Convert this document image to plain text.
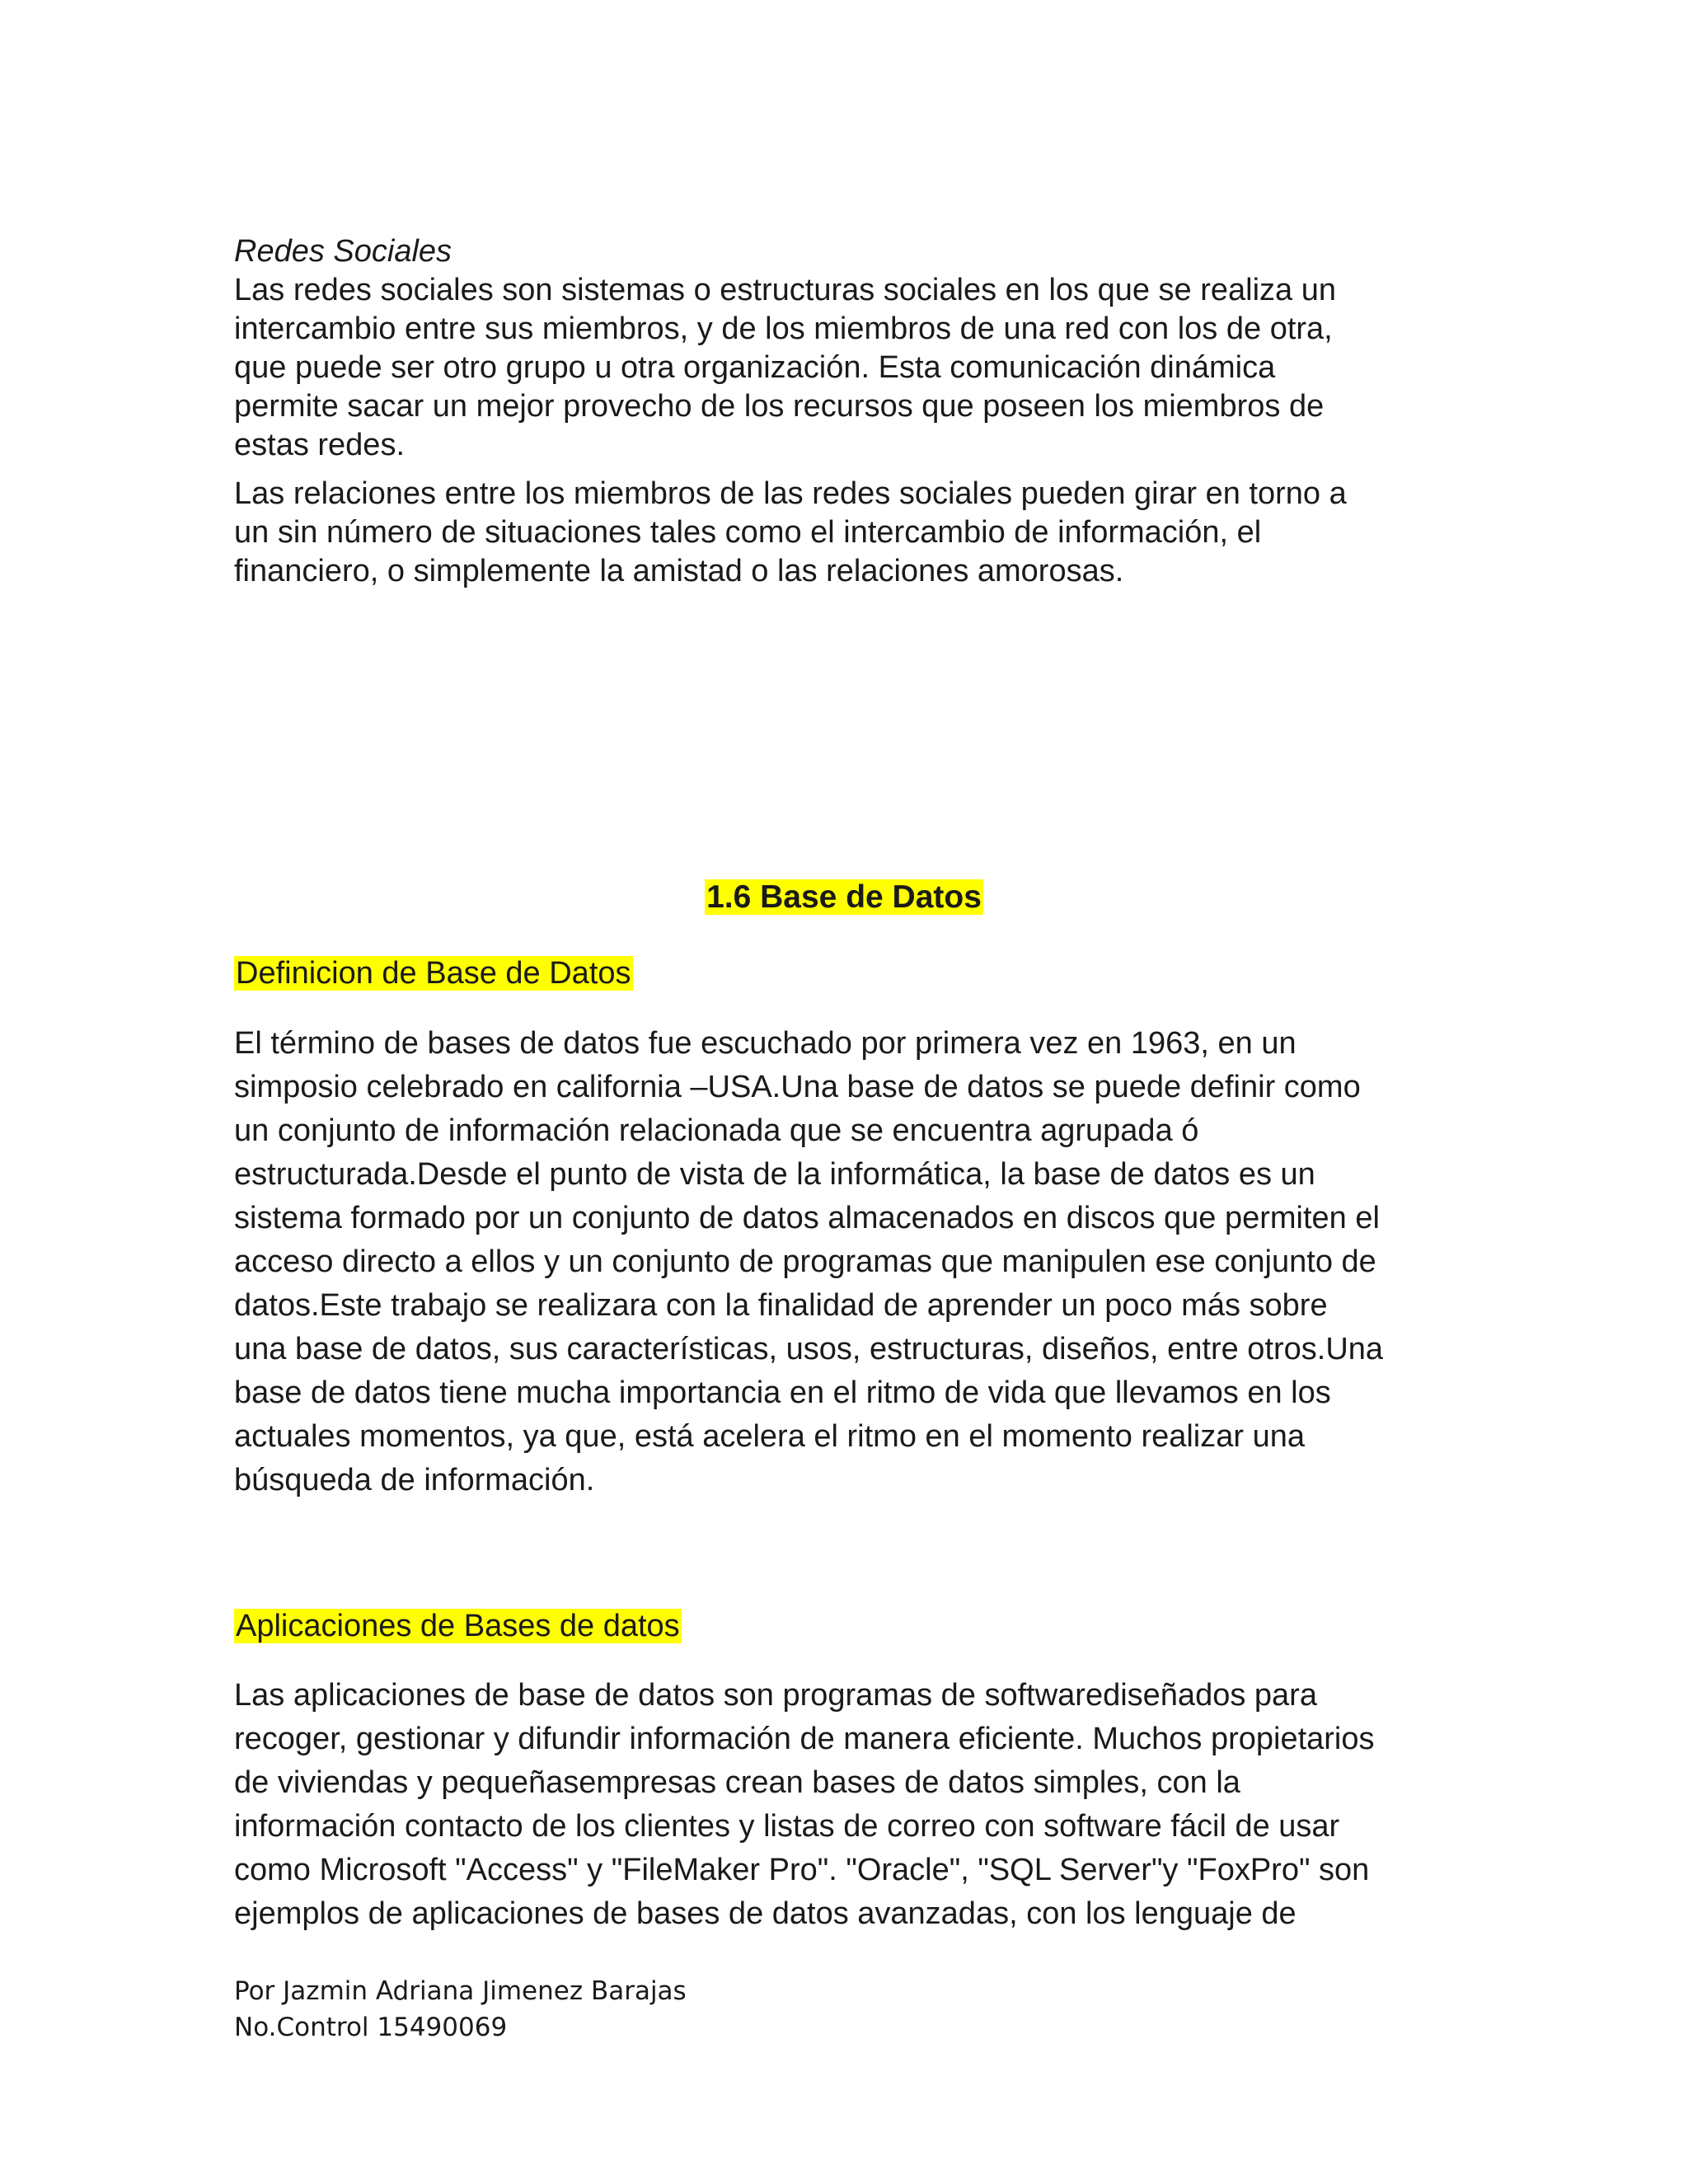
Redes Sociales
Las redes sociales son sistemas o estructuras sociales en los que se realiza un
intercambio entre sus miembros, y de los miembros de una red con los de otra,
que puede ser otro grupo u otra organización. Esta comunicación dinámica
permite sacar un mejor provecho de los recursos que poseen los miembros de
estas redes.
Las relaciones entre los miembros de las redes sociales pueden girar en torno a
un sin número de situaciones tales como el intercambio de información, el
financiero, o simplemente la amistad o las relaciones amorosas.
1.6 Base de Datos
Definicion de Base de Datos
El término de bases de datos fue escuchado por primera vez en 1963, en un
simposio celebrado en california –USA.Una base de datos se puede definir como
un conjunto de información relacionada que se encuentra agrupada ó
estructurada.Desde el punto de vista de la informática, la base de datos es un
sistema formado por un conjunto de datos almacenados en discos que permiten el
acceso directo a ellos y un conjunto de programas que manipulen ese conjunto de
datos.Este trabajo se realizara con la finalidad de aprender un poco más sobre
una base de datos, sus características, usos, estructuras, diseños, entre otros.Una
base de datos tiene mucha importancia en el ritmo de vida que llevamos en los
actuales momentos, ya que, está acelera el ritmo en el momento realizar una
búsqueda de información.
Aplicaciones de Bases de datos
Las aplicaciones de base de datos son programas de softwarediseñados para
recoger, gestionar y difundir información de manera eficiente. Muchos propietarios
de viviendas y pequeñasempresas crean bases de datos simples, con la
información contacto de los clientes y listas de correo con software fácil de usar
como Microsoft "Access" y "FileMaker Pro". "Oracle", "SQL Server"y "FoxPro" son
ejemplos de aplicaciones de bases de datos avanzadas, con los lenguaje de
Por Jazmin Adriana Jimenez Barajas
No.Control 15490069
